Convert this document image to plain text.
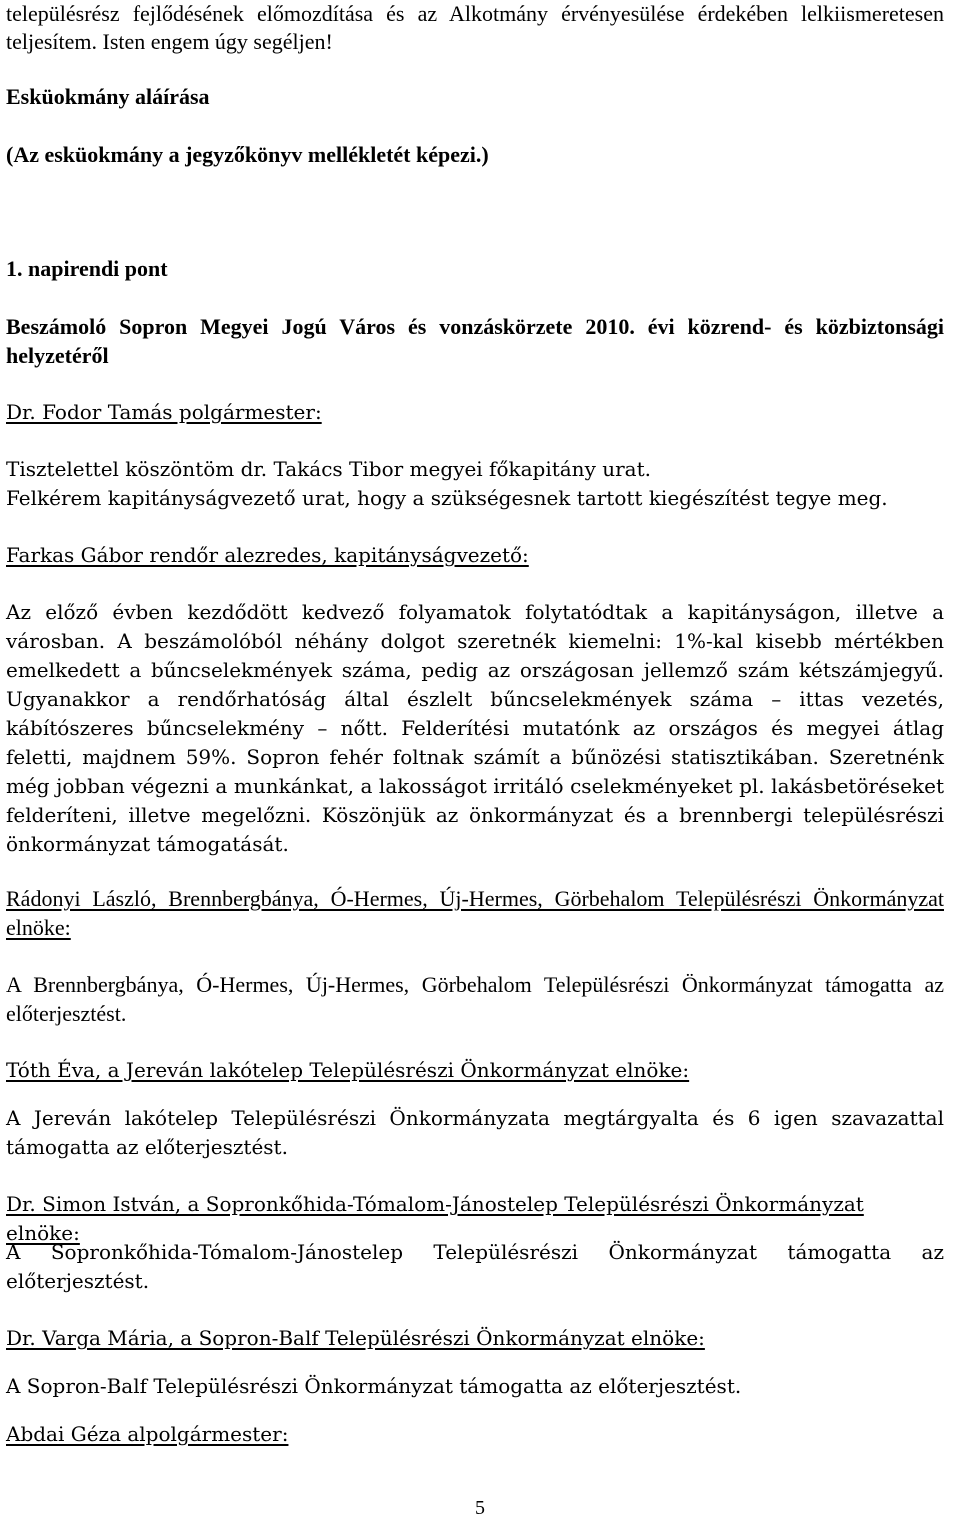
településrész fejlődésének előmozdítása és az Alkotmány érvényesülése érdekében lelkiismeretesen teljesítem. Isten engem úgy segéljen!

Esküokmány aláírása

(Az esküokmány a jegyzőkönyv mellékletét képezi.)

1. napirendi pont

Beszámoló Sopron Megyei Jogú Város és vonzáskörzete 2010. évi közrend- és közbiztonsági helyzetéről

Dr. Fodor Tamás polgármester:

Tisztelettel köszöntöm dr. Takács Tibor megyei főkapitány urat.

Felkérem kapitányságvezető urat, hogy a szükségesnek tartott kiegészítést tegye meg.

Farkas Gábor rendőr alezredes, kapitányságvezető:

Az előző évben kezdődött kedvező folyamatok folytatódtak a kapitányságon, illetve a városban. A beszámolóból néhány dolgot szeretnék kiemelni: 1%-kal kisebb mértékben emelkedett a bűncselekmények száma, pedig az országosan jellemző szám kétszámjegyű. Ugyanakkor a rendőrhatóság által észlelt bűncselekmények száma – ittas vezetés, kábítószeres bűncselekmény – nőtt. Felderítési mutatónk az országos és megyei átlag feletti, majdnem 59%. Sopron fehér foltnak számít a bűnözési statisztikában. Szeretnénk még jobban végezni a munkánkat, a lakosságot irritáló cselekményeket pl. lakásbetöréseket felderíteni, illetve megelőzni. Köszönjük az önkormányzat és a brennbergi településrészi önkormányzat támogatását.

Rádonyi László, Brennbergbánya, Ó-Hermes, Új-Hermes, Görbehalom Településrészi Önkormányzat elnöke:

A Brennbergbánya, Ó-Hermes, Új-Hermes, Görbehalom Településrészi Önkormányzat támogatta az előterjesztést.

Tóth Éva, a Jereván lakótelep Településrészi Önkormányzat elnöke:

A Jereván lakótelep Településrészi Önkormányzata megtárgyalta és 6 igen szavazattal támogatta az előterjesztést.

Dr. Simon István, a Sopronkőhida-Tómalom-Jánostelep Településrészi Önkormányzat elnöke:

A Sopronkőhida-Tómalom-Jánostelep Településrészi Önkormányzat támogatta az előterjesztést.

Dr. Varga Mária, a Sopron-Balf Településrészi Önkormányzat elnöke:

A Sopron-Balf Településrészi Önkormányzat támogatta az előterjesztést.

Abdai Géza alpolgármester:

5
